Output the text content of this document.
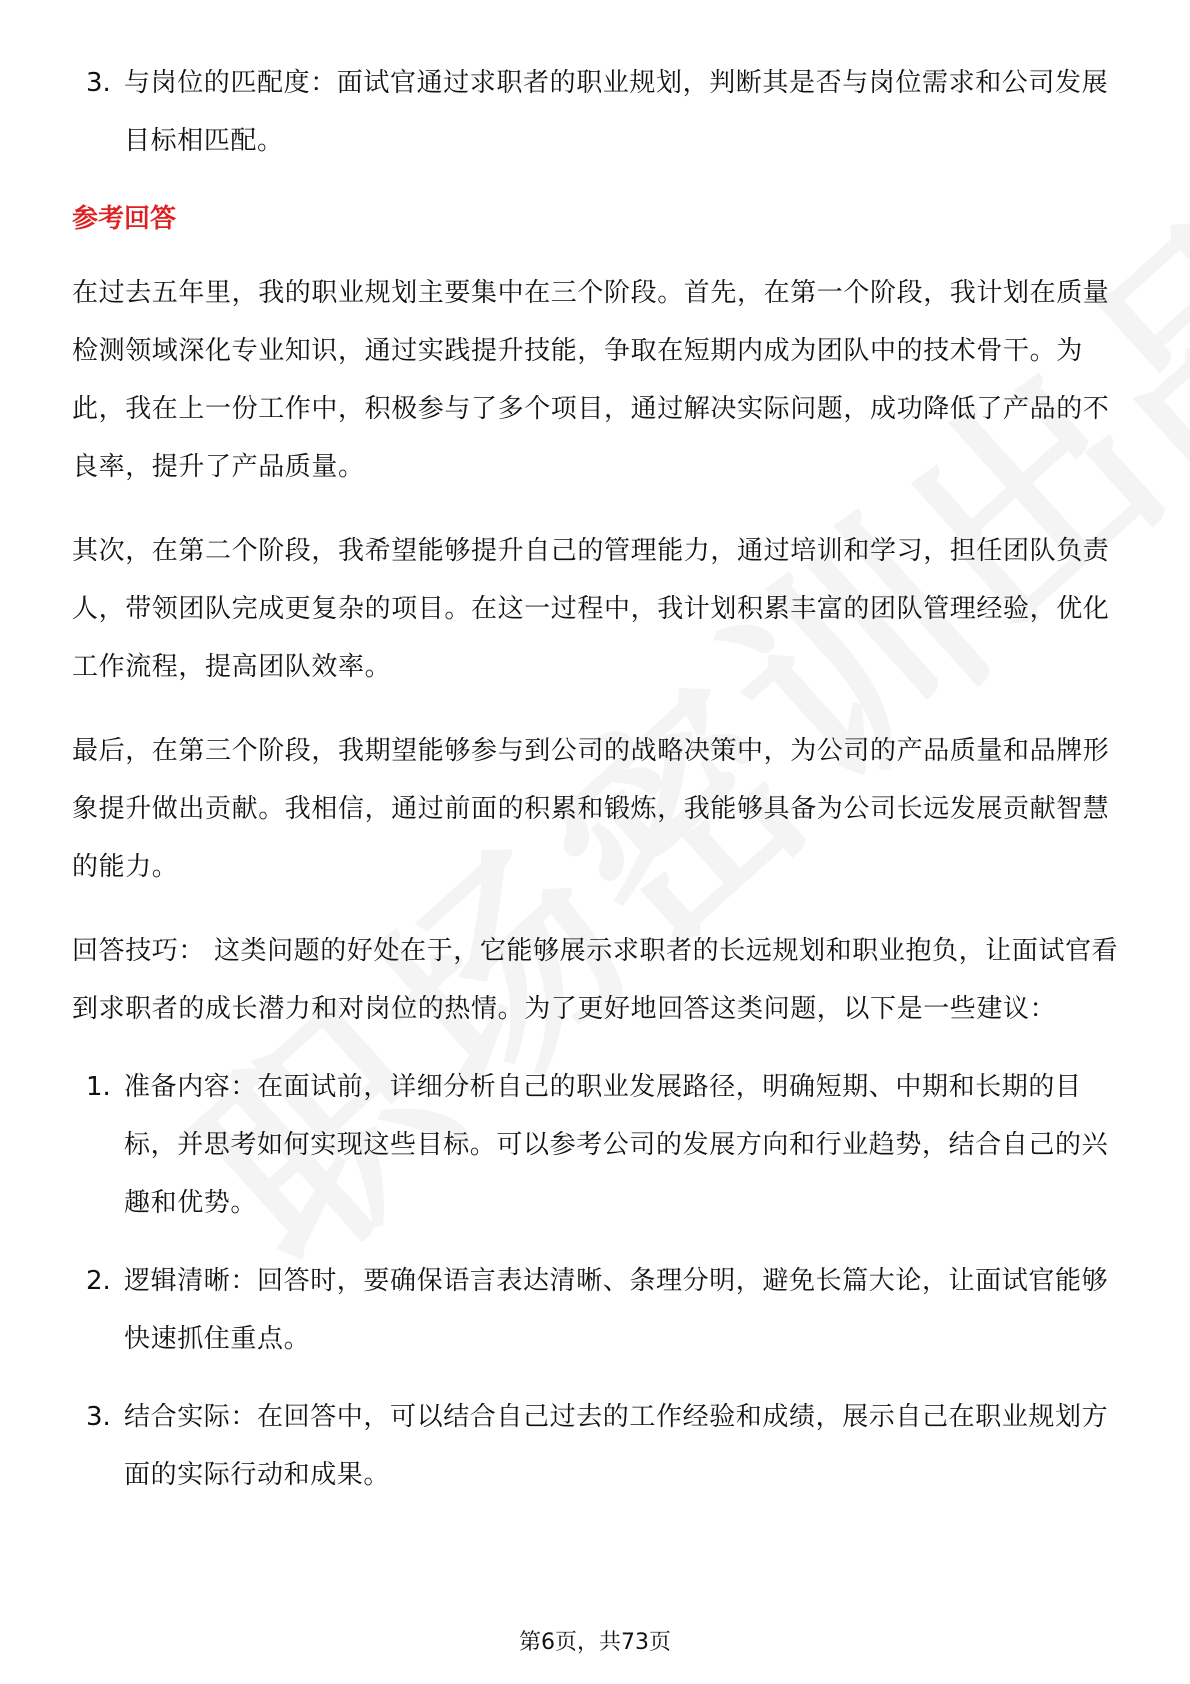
3. 与岗位的匹配度：面试官通过求职者的职业规划，判断其是否与岗位需求和公司发展目标相匹配。

参考回答

在过去五年里，我的职业规划主要集中在三个阶段。首先，在第一个阶段，我计划在质量检测领域深化专业知识，通过实践提升技能，争取在短期内成为团队中的技术骨干。为此，我在上一份工作中，积极参与了多个项目，通过解决实际问题，成功降低了产品的不良率，提升了产品质量。

其次，在第二个阶段，我希望能够提升自己的管理能力，通过培训和学习，担任团队负责人，带领团队完成更复杂的项目。在这一过程中，我计划积累丰富的团队管理经验，优化工作流程，提高团队效率。

最后，在第三个阶段，我期望能够参与到公司的战略决策中，为公司的产品质量和品牌形象提升做出贡献。我相信，通过前面的积累和锻炼，我能够具备为公司长远发展贡献智慧的能力。

回答技巧： 这类问题的好处在于，它能够展示求职者的长远规划和职业抱负，让面试官看到求职者的成长潜力和对岗位的热情。为了更好地回答这类问题，以下是一些建议：

1. 准备内容：在面试前，详细分析自己的职业发展路径，明确短期、中期和长期的目标，并思考如何实现这些目标。可以参考公司的发展方向和行业趋势，结合自己的兴趣和优势。
2. 逻辑清晰：回答时，要确保语言表达清晰、条理分明，避免长篇大论，让面试官能够快速抓住重点。
3. 结合实际：在回答中，可以结合自己过去的工作经验和成绩，展示自己在职业规划方面的实际行动和成果。
第6页，共73页
